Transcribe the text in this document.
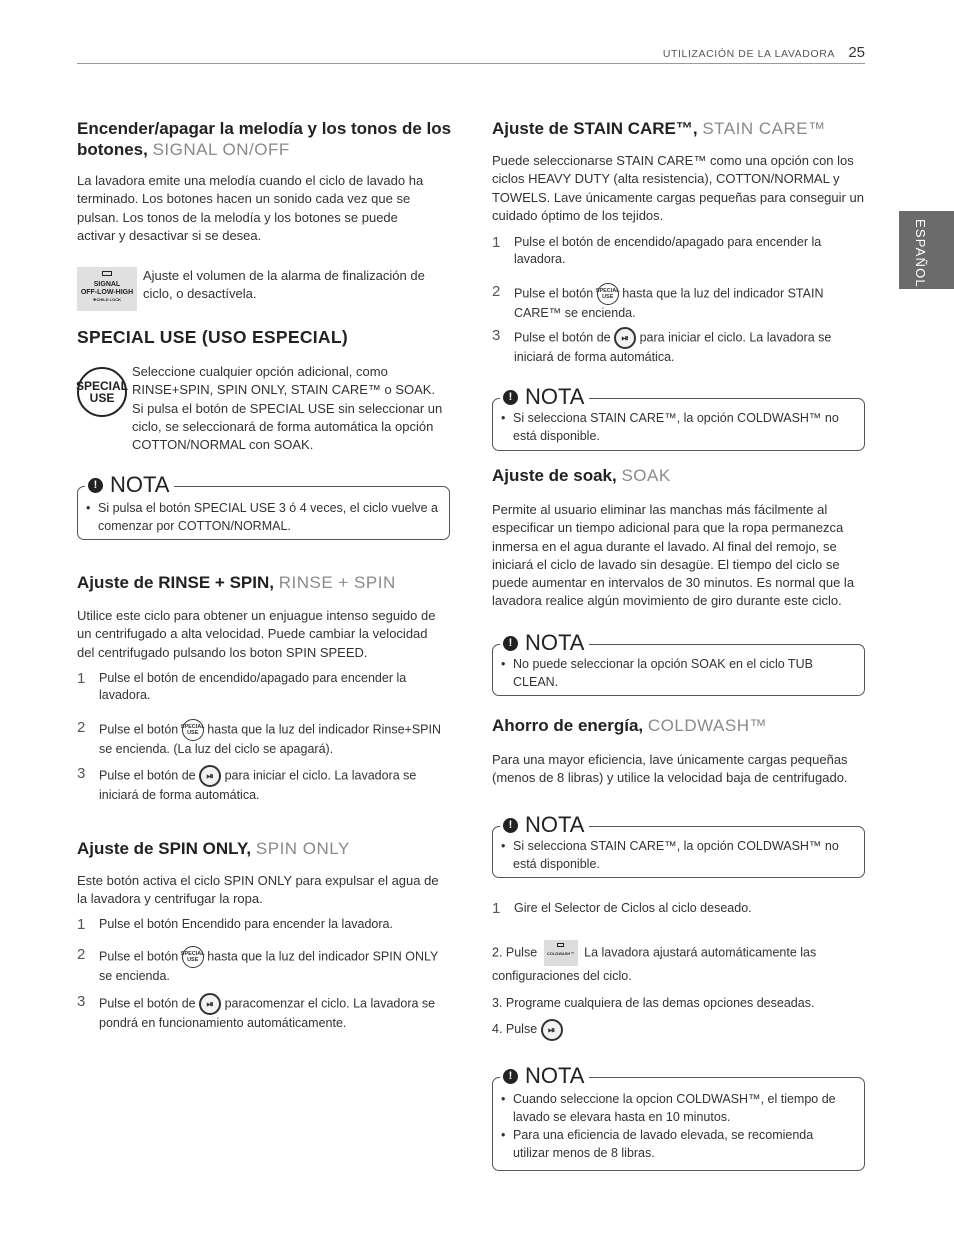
UTILIZACIÓN DE LA LAVADORA 25
ESPAÑOL
Encender/apagar la melodía y los tonos de los botones, SIGNAL ON/OFF

La lavadora emite una melodía cuando el ciclo de lavado ha terminado. Los botones hacen un sonido cada vez que se pulsan. Los tonos de la melodía y los botones se puede activar y desactivar si se desea.

SIGNAL
OFF-LOW-HIGH
✱CHILD LOCK

Ajuste el volumen de la alarma de finalización de ciclo, o desactívela.

SPECIAL USE (USO ESPECIAL)
SPECIAL
USE

Seleccione cualquier opción adicional, como RINSE+SPIN, SPIN ONLY, STAIN CARE™ o SOAK. Si pulsa el botón de SPECIAL USE sin seleccionar un ciclo, se seleccionará de forma automática la opción COTTON/NORMAL con SOAK.

! NOTA
• Si pulsa el botón SPECIAL USE 3 ó 4 veces, el ciclo vuelve a comenzar por COTTON/NORMAL.
Ajuste de RINSE + SPIN, RINSE + SPIN

Utilice este ciclo para obtener un enjuague intenso seguido de un centrifugado a alta velocidad. Puede cambiar la velocidad del centrifugado pulsando los boton SPIN SPEED.

1 Pulse el botón de encendido/apagado para encender la lavadora.
2 Pulse el botón SPECIAL
USE hasta que la luz del indicador Rinse+SPIN se encienda. (La luz del ciclo se apagará).
3 Pulse el botón de ⏯ para iniciar el ciclo. La lavadora se iniciará de forma automática.
Ajuste de SPIN ONLY, SPIN ONLY

Este botón activa el ciclo SPIN ONLY para expulsar el agua de la lavadora y centrifugar la ropa.

1 Pulse el botón Encendido para encender la lavadora.
2 Pulse el botón SPECIAL
USE hasta que la luz del indicador SPIN ONLY se encienda.
3 Pulse el botón de ⏯ paracomenzar el ciclo. La lavadora se pondrá en funcionamiento automáticamente.
Ajuste de STAIN CARE™, STAIN CARE™

Puede seleccionarse STAIN CARE™ como una opción con los ciclos HEAVY DUTY (alta resistencia), COTTON/NORMAL y TOWELS. Lave únicamente cargas pequeñas para conseguir un cuidado óptimo de los tejidos.

1 Pulse el botón de encendido/apagado para encender la lavadora.
2 Pulse el botón SPECIAL
USE hasta que la luz del indicador STAIN CARE™ se encienda.
3 Pulse el botón de ⏯ para iniciar el ciclo. La lavadora se iniciará de forma automática.
! NOTA
• Si selecciona STAIN CARE™, la opción COLDWASH™ no está disponible.
Ajuste de soak, SOAK

Permite al usuario eliminar las manchas más fácilmente al especificar un tiempo adicional para que la ropa permanezca inmersa en el agua durante el lavado. Al final del remojo, se iniciará el ciclo de lavado sin desagüe. El tiempo del ciclo se puede aumentar en intervalos de 30 minutos. Es normal que la lavadora realice algún movimiento de giro durante este ciclo.

! NOTA
• No puede seleccionar la opción SOAK en el ciclo TUB CLEAN.
Ahorro de energía, COLDWASH™

Para una mayor eficiencia, lave únicamente cargas pequeñas (menos de 8 libras) y utilice la velocidad baja de centrifugado.

! NOTA
• Si selecciona STAIN CARE™, la opción COLDWASH™ no está disponible.
1 Gire el Selector de Ciclos al ciclo deseado.
2. Pulse	COLDWASH™ La lavadora ajustará automáticamente las configuraciones del ciclo.
3. Programe cualquiera de las demas opciones deseadas.
4. Pulse ⏯
! NOTA
• Cuando seleccione la opcion COLDWASH™, el tiempo de lavado se elevara hasta en 10 minutos.
• Para una eficiencia de lavado elevada, se recomienda utilizar menos de 8 libras.
